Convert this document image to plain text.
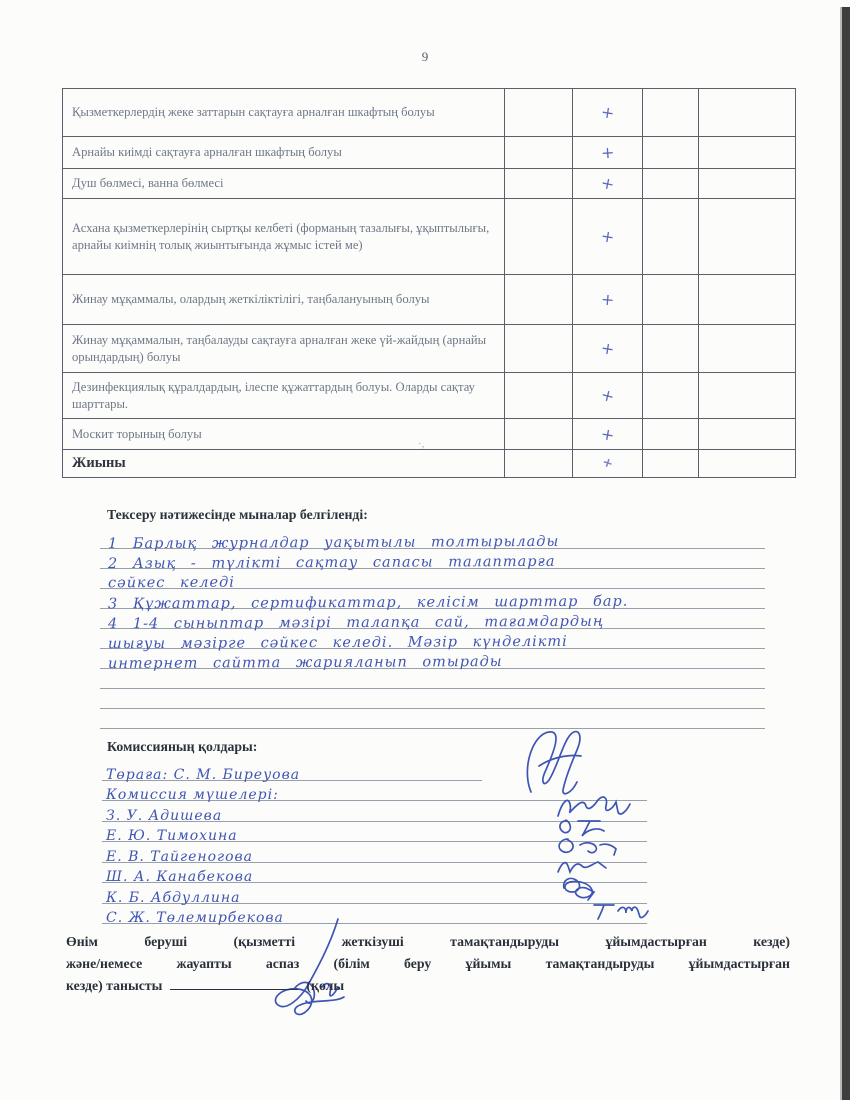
9
Қызметкерлердің жеке заттарын сақтауға арналған шкафтың болуы		+		
Арнайы киімді сақтауға арналған шкафтың болуы		+		
Душ бөлмесі, ванна бөлмесі		+		
Асхана қызметкерлерінің сыртқы келбеті (форманың тазалығы, ұқыптылығы, арнайы киімнің толық жиынтығында жұмыс істей ме)		+		
Жинау мұқаммалы, олардың жеткіліктілігі, таңбалануының болуы		+		
Жинау мұқаммалын, таңбалауды сақтауға арналған жеке үй-жайдың (арнайы орындардың) болуы		+		
Дезинфекциялық құралдардың, ілеспе құжаттардың болуы. Оларды сақтау шарттары.		+		
Москит торының болуы		+		
Жиыны		+		
·,
Тексеру нәтижесінде мыналар белгіленді:
1 Барлық журналдар уақытылы толтырылады
2 Азық - түлікті сақтау сапасы талаптарға
сәйкес келеді
3 Құжаттар, сертификаттар, келісім шарттар бар.
4 1-4 сыныптар мәзірі талапқа сай, тағамдардың
шығуы мәзірге сәйкес келеді. Мәзір күнделікті
интернет сайтта жарияланып отырады
Комиссияның қолдары:
Төраға: С. М. Биреуова
Комиссия мүшелері:
З. У. Адишева
Е. Ю. Тимохина
Е. В. Тайгеногова
Ш. А. Канабекова
К. Б. Абдуллина
С. Ж. Төлемирбекова
Өнім беруші (қызметті жеткізуші тамақтандыруды ұйымдастырған кезде)
және/немесе жауапты аспаз (білім беру ұйымы тамақтандыруды ұйымдастырған
кезде) танысты	(қолы
